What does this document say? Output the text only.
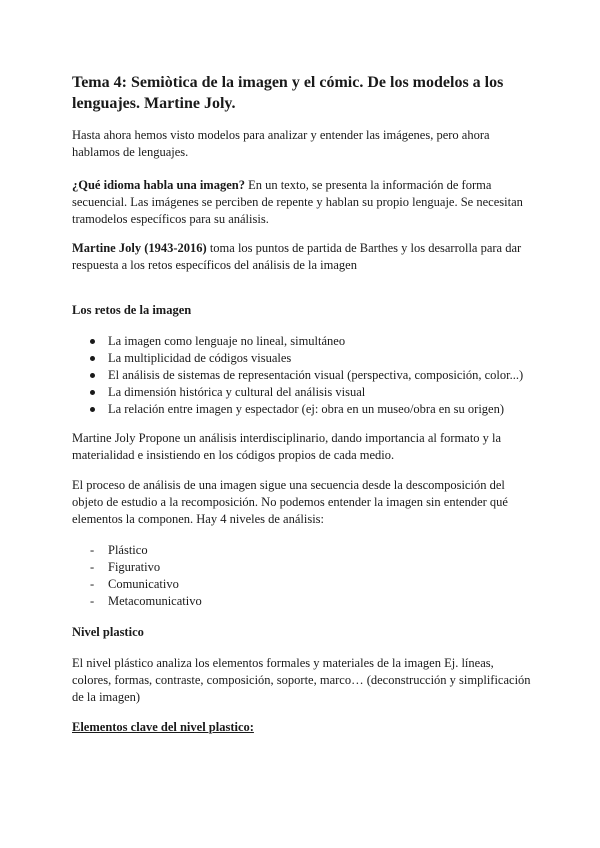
Tema 4: Semiòtica de la imagen y el cómic. De los modelos a los lenguajes. Martine Joly.

Hasta ahora hemos visto modelos para analizar y entender las imágenes, pero ahora hablamos de lenguajes.

¿Qué idioma habla una imagen? En un texto, se presenta la información de forma secuencial. Las imágenes se perciben de repente y hablan su propio lenguaje. Se necesitan tramodelos específicos para su análisis.

Martine Joly (1943-2016) toma los puntos de partida de Barthes y los desarrolla para dar respuesta a los retos específicos del análisis de la imagen

Los retos de la imagen
La imagen como lenguaje no lineal, simultáneo
La multiplicidad de códigos visuales
El análisis de sistemas de representación visual (perspectiva, composición, color...)
La dimensión histórica y cultural del análisis visual
La relación entre imagen y espectador (ej: obra en un museo/obra en su origen)

Martine Joly Propone un análisis interdisciplinario, dando importancia al formato y la materialidad e insistiendo en los códigos propios de cada medio.

El proceso de análisis de una imagen sigue una secuencia desde la descomposición del objeto de estudio a la recomposición. No podemos entender la imagen sin entender qué elementos la componen. Hay 4 niveles de análisis:

- Plástico
- Figurativo
- Comunicativo
- Metacomunicativo
Nivel plastico

El nivel plástico analiza los elementos formales y materiales de la imagen Ej. líneas, colores, formas, contraste, composición, soporte, marco… (deconstrucción y simplificación de la imagen)

Elementos clave del nivel plastico:
